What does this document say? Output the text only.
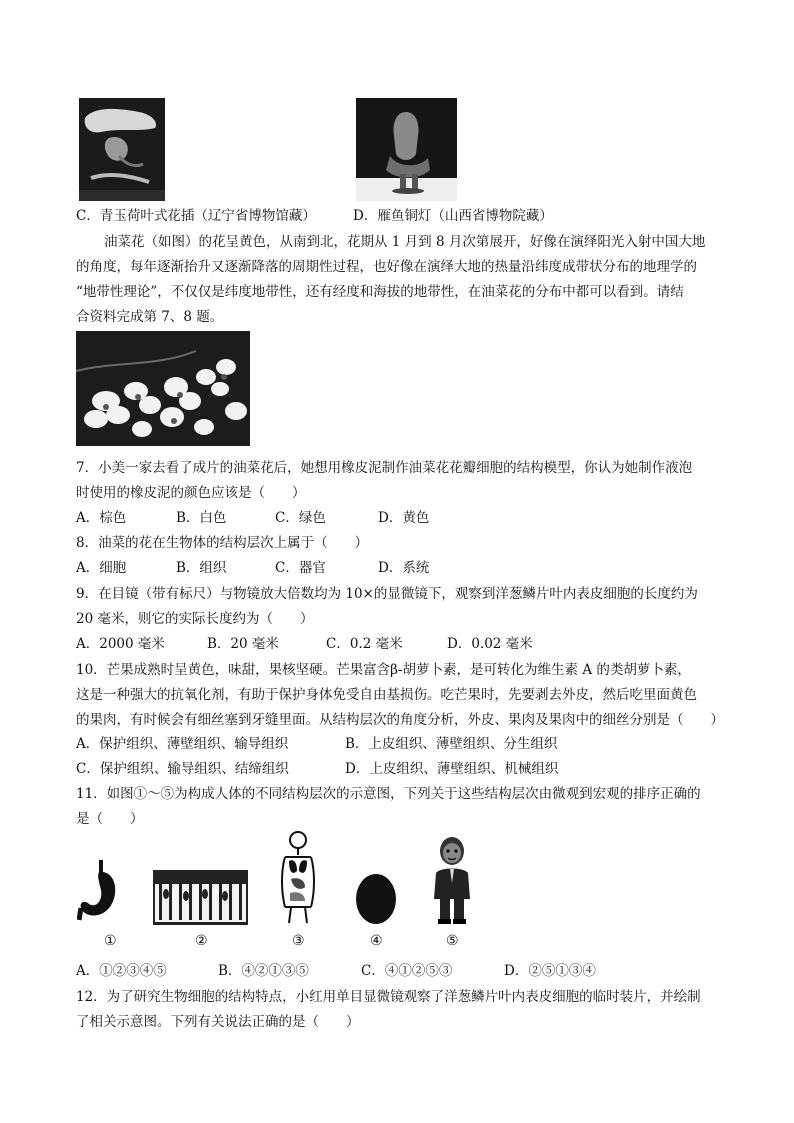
C．青玉荷叶式花插（辽宁省博物馆藏）	D．雁鱼铜灯（山西省博物院藏）
油菜花（如图）的花呈黄色，从南到北，花期从 1 月到 8 月次第展开，好像在演绎阳光入射中国大地
的角度，每年逐渐抬升又逐渐降落的周期性过程，也好像在演绎大地的热量沿纬度成带状分布的地理学的
“地带性理论”，不仅仅是纬度地带性，还有经度和海拔的地带性，在油菜花的分布中都可以看到。请结
合资料完成第 7、8 题。
7．小美一家去看了成片的油菜花后，她想用橡皮泥制作油菜花花瓣细胞的结构模型，你认为她制作液泡
时使用的橡皮泥的颜色应该是（　　）
A．棕色	B．白色	C．绿色	D．黄色
8．油菜的花在生物体的结构层次上属于（　　）
A．细胞	B．组织	C．器官	D．系统
9．在目镜（带有标尺）与物镜放大倍数均为 10×的显微镜下，观察到洋葱鳞片叶内表皮细胞的长度约为
20 毫米，则它的实际长度约为（　　）
A．2000 毫米	B．20 毫米	C．0.2 毫米	D．0.02 毫米
10．芒果成熟时呈黄色，味甜，果核坚硬。芒果富含β-胡萝卜素，是可转化为维生素 A 的类胡萝卜素，
这是一种强大的抗氧化剂，有助于保护身体免受自由基损伤。吃芒果时，先要剥去外皮，然后吃里面黄色
的果肉，有时候会有细丝塞到牙缝里面。从结构层次的角度分析，外皮、果肉及果肉中的细丝分别是（　　）
A．保护组织、薄壁组织、输导组织	B．上皮组织、薄壁组织、分生组织
C．保护组织、输导组织、结缔组织	D．上皮组织、薄壁组织、机械组织
11．如图①～⑤为构成人体的不同结构层次的示意图，下列关于这些结构层次由微观到宏观的排序正确的
是（　　）
①	②	③	④	⑤
A．①②③④⑤	B．④②①③⑤	C．④①②⑤③	D．②⑤①③④
12．为了研究生物细胞的结构特点，小红用单目显微镜观察了洋葱鳞片叶内表皮细胞的临时装片，并绘制
了相关示意图。下列有关说法正确的是（　　）
